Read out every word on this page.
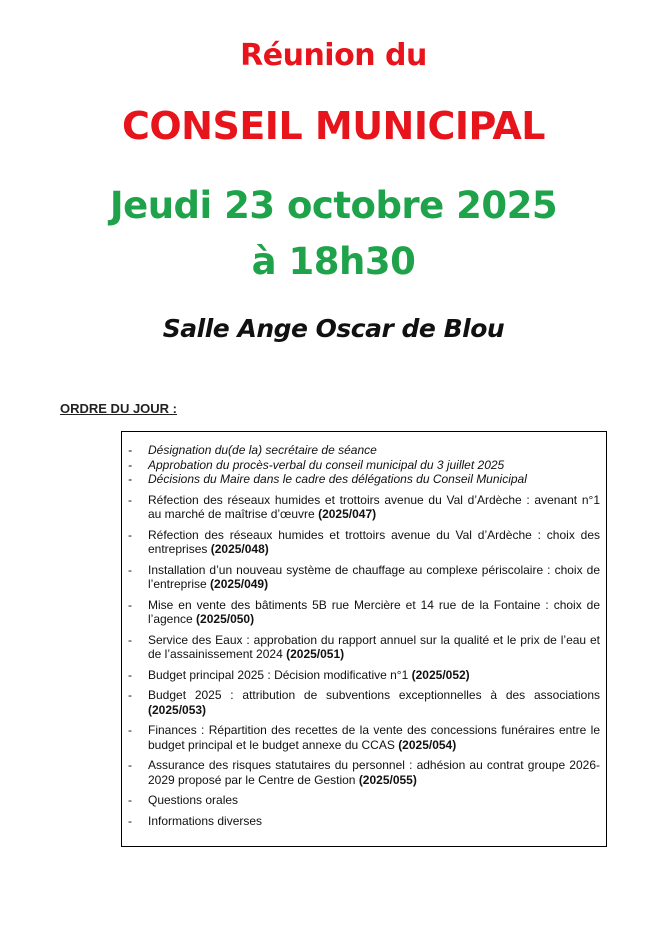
Réunion du
CONSEIL MUNICIPAL
Jeudi 23 octobre 2025
à 18h30
Salle Ange Oscar de Blou
ORDRE DU JOUR :
-	Désignation du(de la) secrétaire de séance
-	Approbation du procès-verbal du conseil municipal du 3 juillet 2025
-	Décisions du Maire dans le cadre des délégations du Conseil Municipal
-	Réfection des réseaux humides et trottoirs avenue du Val d’Ardèche : avenant n°1 au marché de maîtrise d’œuvre (2025/047)
-	Réfection des réseaux humides et trottoirs avenue du Val d’Ardèche : choix des entreprises (2025/048)
-	Installation d’un nouveau système de chauffage au complexe périscolaire : choix de l’entreprise (2025/049)
-	Mise en vente des bâtiments 5B rue Mercière et 14 rue de la Fontaine : choix de l’agence (2025/050)
-	Service des Eaux : approbation du rapport annuel sur la qualité et le prix de l’eau et de l’assainissement 2024 (2025/051)
-	Budget principal 2025 : Décision modificative n°1 (2025/052)
-	Budget 2025 : attribution de subventions exceptionnelles à des associations (2025/053)
-	Finances : Répartition des recettes de la vente des concessions funéraires entre le budget principal et le budget annexe du CCAS (2025/054)
-	Assurance des risques statutaires du personnel : adhésion au contrat groupe 2026-2029 proposé par le Centre de Gestion (2025/055)
-	Questions orales
-	Informations diverses
